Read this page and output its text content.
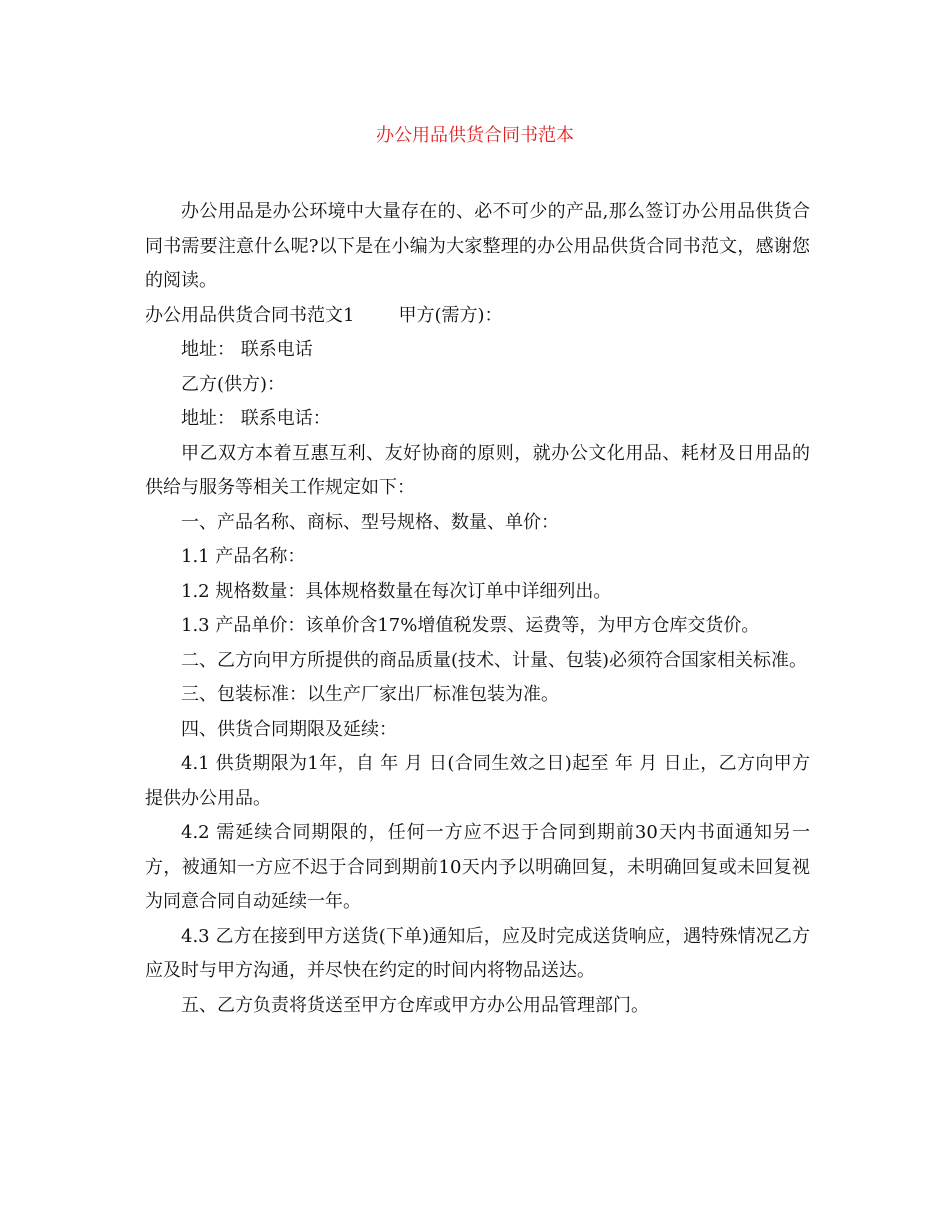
办公用品供货合同书范本

办公用品是办公环境中大量存在的、必不可少的产品,那么签订办公用品供货合同书需要注意什么呢?以下是在小编为大家整理的办公用品供货合同书范文，感谢您的阅读。

办公用品供货合同书范文1 甲方(需方)：

地址： 联系电话

乙方(供方)：

地址： 联系电话：

甲乙双方本着互惠互利、友好协商的原则，就办公文化用品、耗材及日用品的供给与服务等相关工作规定如下：

一、产品名称、商标、型号规格、数量、单价：

1.1 产品名称：

1.2 规格数量：具体规格数量在每次订单中详细列出。

1.3 产品单价：该单价含17%增值税发票、运费等，为甲方仓库交货价。

二、乙方向甲方所提供的商品质量(技术、计量、包装)必须符合国家相关标准。

三、包装标准：以生产厂家出厂标准包装为准。

四、供货合同期限及延续：

4.1 供货期限为1年，自 年 月 日(合同生效之日)起至 年 月 日止，乙方向甲方提供办公用品。

4.2 需延续合同期限的，任何一方应不迟于合同到期前30天内书面通知另一方，被通知一方应不迟于合同到期前10天内予以明确回复，未明确回复或未回复视为同意合同自动延续一年。

4.3 乙方在接到甲方送货(下单)通知后，应及时完成送货响应，遇特殊情况乙方应及时与甲方沟通，并尽快在约定的时间内将物品送达。

五、乙方负责将货送至甲方仓库或甲方办公用品管理部门。
